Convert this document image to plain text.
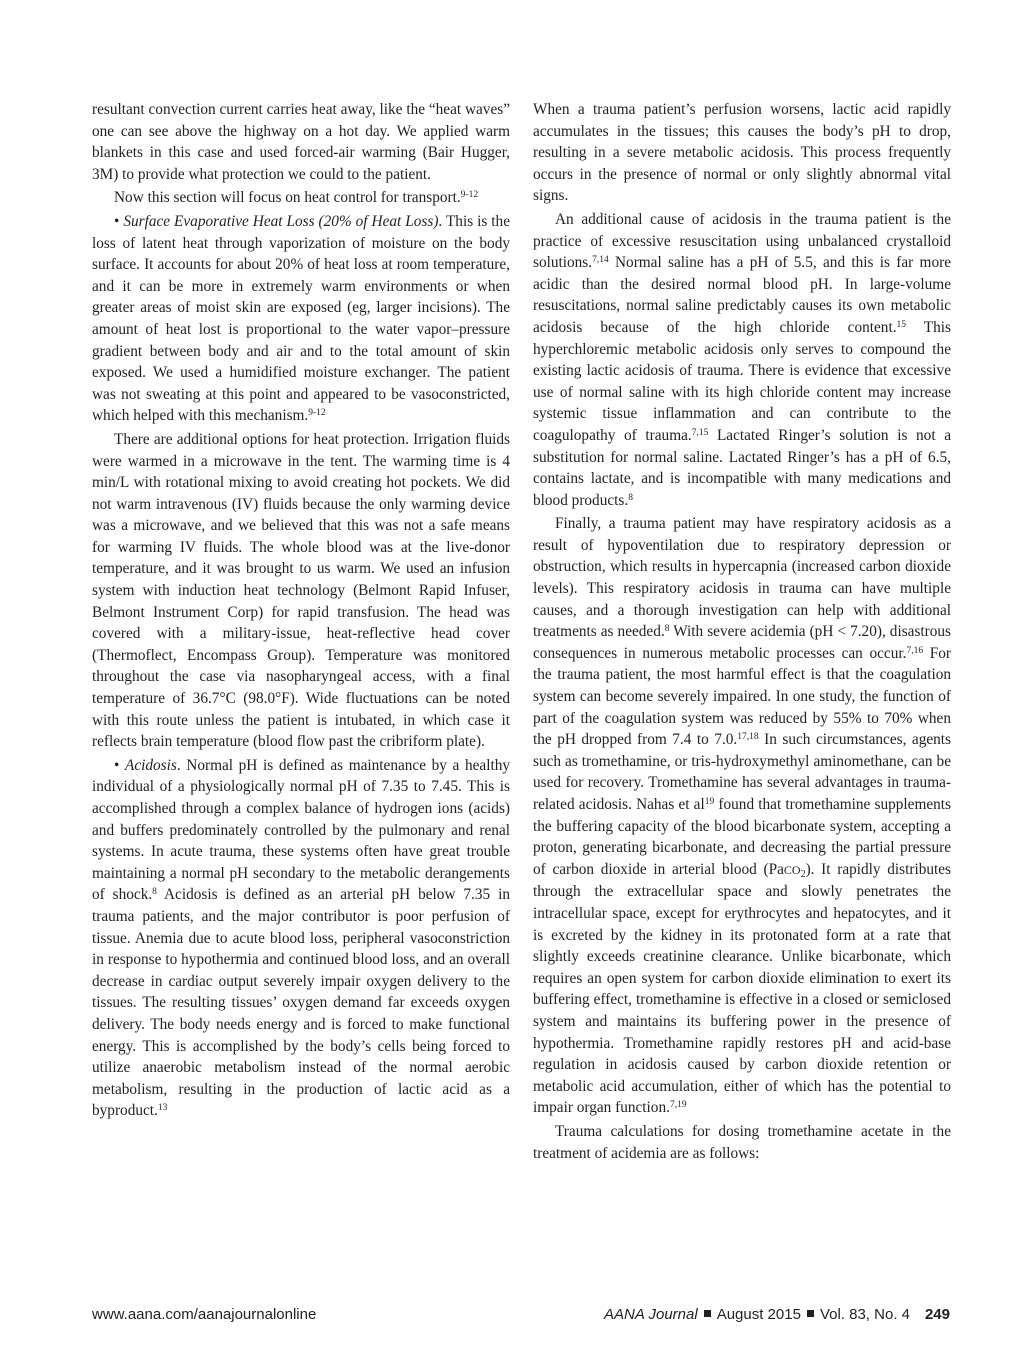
resultant convection current carries heat away, like the “heat waves” one can see above the highway on a hot day. We applied warm blankets in this case and used forced-air warming (Bair Hugger, 3M) to provide what protection we could to the patient.

Now this section will focus on heat control for transport.$^{9-12}$

• Surface Evaporative Heat Loss (20% of Heat Loss). This is the loss of latent heat through vaporization of moisture on the body surface. It accounts for about 20% of heat loss at room temperature, and it can be more in extremely warm environments or when greater areas of moist skin are exposed (eg, larger incisions). The amount of heat lost is proportional to the water vapor–pressure gradient between body and air and to the total amount of skin exposed. We used a humidified moisture exchanger. The patient was not sweating at this point and appeared to be vasoconstricted, which helped with this mechanism.$^{9-12}$

There are additional options for heat protection. Irrigation fluids were warmed in a microwave in the tent. The warming time is 4 min/L with rotational mixing to avoid creating hot pockets. We did not warm intravenous (IV) fluids because the only warming device was a microwave, and we believed that this was not a safe means for warming IV fluids. The whole blood was at the live-donor temperature, and it was brought to us warm. We used an infusion system with induction heat technology (Belmont Rapid Infuser, Belmont Instrument Corp) for rapid transfusion. The head was covered with a military-issue, heat-reflective head cover (Thermoflect, Encompass Group). Temperature was monitored throughout the case via nasopharyngeal access, with a final temperature of 36.7°C (98.0°F). Wide fluctuations can be noted with this route unless the patient is intubated, in which case it reflects brain temperature (blood flow past the cribriform plate).

• Acidosis. Normal pH is defined as maintenance by a healthy individual of a physiologically normal pH of 7.35 to 7.45. This is accomplished through a complex balance of hydrogen ions (acids) and buffers predominately controlled by the pulmonary and renal systems. In acute trauma, these systems often have great trouble maintaining a normal pH secondary to the metabolic derangements of shock.$^8$ Acidosis is defined as an arterial pH below 7.35 in trauma patients, and the major contributor is poor perfusion of tissue. Anemia due to acute blood loss, peripheral vasoconstriction in response to hypothermia and continued blood loss, and an overall decrease in cardiac output severely impair oxygen delivery to the tissues. The resulting tissues’ oxygen demand far exceeds oxygen delivery. The body needs energy and is forced to make functional energy. This is accomplished by the body’s cells being forced to utilize anaerobic metabolism instead of the normal aerobic metabolism, resulting in the production of lactic acid as a byproduct.$^{13}$

When a trauma patient’s perfusion worsens, lactic acid rapidly accumulates in the tissues; this causes the body’s pH to drop, resulting in a severe metabolic acidosis. This process frequently occurs in the presence of normal or only slightly abnormal vital signs.

An additional cause of acidosis in the trauma patient is the practice of excessive resuscitation using unbalanced crystalloid solutions.$^{7,14}$ Normal saline has a pH of 5.5, and this is far more acidic than the desired normal blood pH. In large-volume resuscitations, normal saline predictably causes its own metabolic acidosis because of the high chloride content.$^{15}$ This hyperchloremic metabolic acidosis only serves to compound the existing lactic acidosis of trauma. There is evidence that excessive use of normal saline with its high chloride content may increase systemic tissue inflammation and can contribute to the coagulopathy of trauma.$^{7,15}$ Lactated Ringer’s solution is not a substitution for normal saline. Lactated Ringer’s has a pH of 6.5, contains lactate, and is incompatible with many medications and blood products.$^8$

Finally, a trauma patient may have respiratory acidosis as a result of hypoventilation due to respiratory depression or obstruction, which results in hypercapnia (increased carbon dioxide levels). This respiratory acidosis in trauma can have multiple causes, and a thorough investigation can help with additional treatments as needed.$^8$ With severe acidemia (pH < 7.20), disastrous consequences in numerous metabolic processes can occur.$^{7,16}$ For the trauma patient, the most harmful effect is that the coagulation system can become severely impaired. In one study, the function of part of the coagulation system was reduced by 55% to 70% when the pH dropped from 7.4 to 7.0.$^{17,18}$ In such circumstances, agents such as tromethamine, or tris-hydroxymethyl aminomethane, can be used for recovery. Tromethamine has several advantages in trauma-related acidosis. Nahas et $al^{19}$ found that tromethamine supplements the buffering capacity of the blood bicarbonate system, accepting a proton, generating bicarbonate, and decreasing the partial pressure of carbon dioxide in arterial blood (PaCO$_2$). It rapidly distributes through the extracellular space and slowly penetrates the intracellular space, except for erythrocytes and hepatocytes, and it is excreted by the kidney in its protonated form at a rate that slightly exceeds creatinine clearance. Unlike bicarbonate, which requires an open system for carbon dioxide elimination to exert its buffering effect, tromethamine is effective in a closed or semiclosed system and maintains its buffering power in the presence of hypothermia. Tromethamine rapidly restores pH and acid-base regulation in acidosis caused by carbon dioxide retention or metabolic acid accumulation, either of which has the potential to impair organ function.$^{7,19}$

Trauma calculations for dosing tromethamine acetate in the treatment of acidemia are as follows:

www.aana.com/aanajournalonline	AANA Journal August 2015 Vol. 83, No. 4 249
